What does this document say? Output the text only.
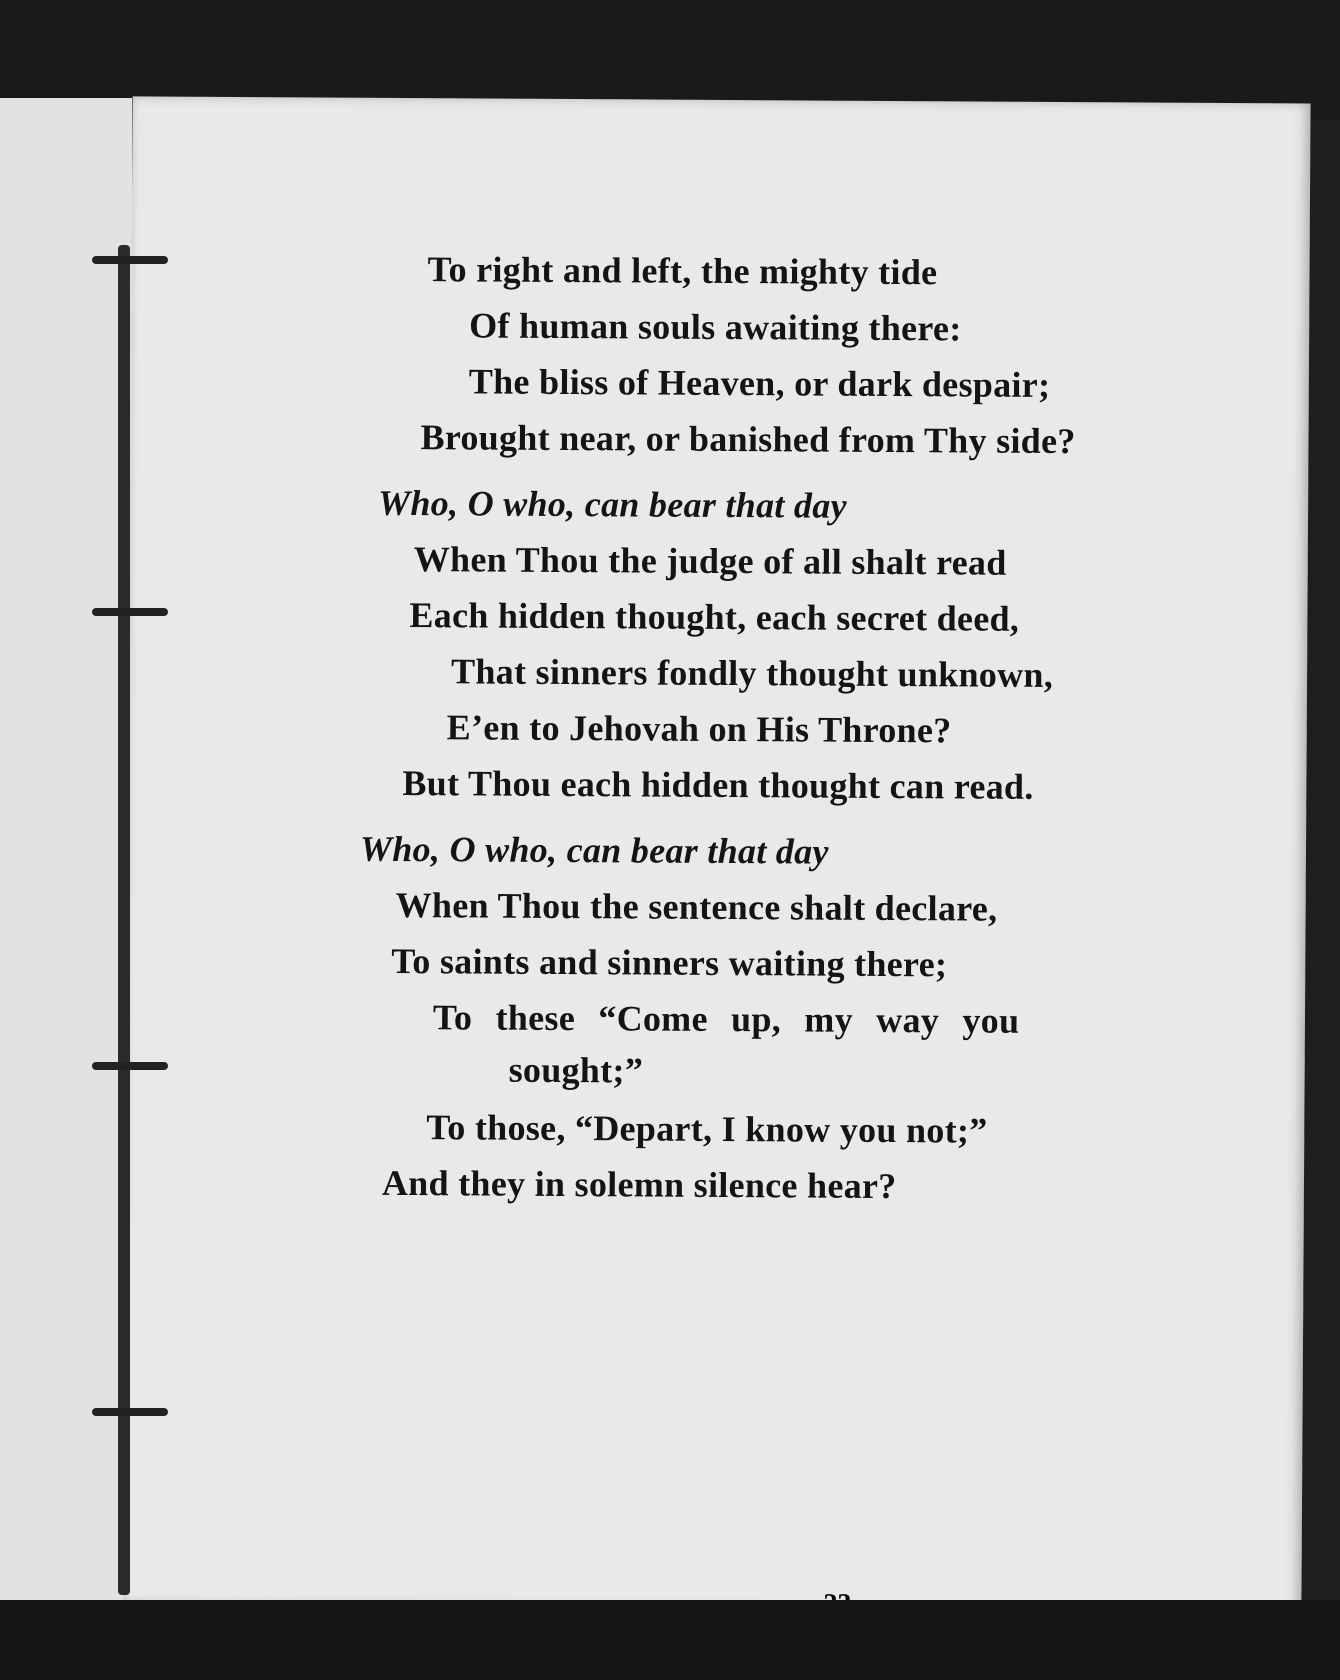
To right and left, the mighty tide
Of human souls awaiting there:
The bliss of Heaven, or dark despair;
Brought near, or banished from Thy side?
Who, O who, can bear that day
When Thou the judge of all shalt read
Each hidden thought, each secret deed,
That sinners fondly thought unknown,
E’en to Jehovah on His Throne?
But Thou each hidden thought can read.
Who, O who, can bear that day
When Thou the sentence shalt declare,
To saints and sinners waiting there;
To these “Come up, my way you
sought;”
To those, “Depart, I know you not;”
And they in solemn silence hear?
